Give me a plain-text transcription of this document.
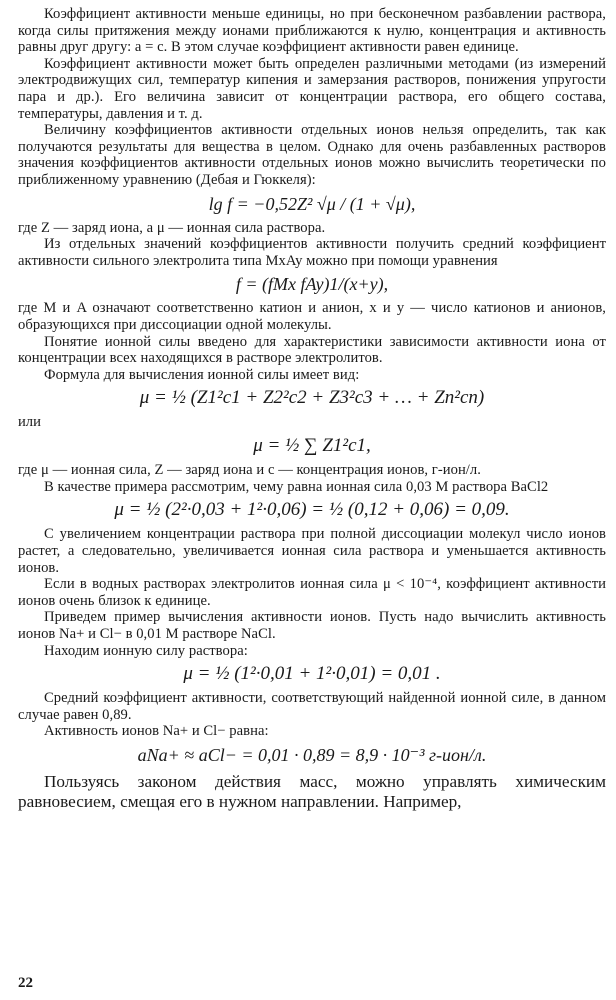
Коэффициент активности меньше единицы, но при бесконечном разбавлении раствора, когда силы притяжения между ионами приближаются к нулю, концентрация и активность равны друг другу: a = c. В этом случае коэффициент активности равен единице.

Коэффициент активности может быть определен различными методами (из измерений электродвижущих сил, температур кипения и замерзания растворов, понижения упругости пара и др.). Его величина зависит от концентрации раствора, его общего состава, температуры, давления и т. д.

Величину коэффициентов активности отдельных ионов нельзя определить, так как получаются результаты для вещества в целом. Однако для очень разбавленных растворов значения коэффициентов активности отдельных ионов можно вычислить теоретически по приближенному уравнению (Дебая и Гюккеля):

lg f = −0,52Z² √μ / (1 + √μ),

где Z — заряд иона, а μ — ионная сила раствора.

Из отдельных значений коэффициентов активности получить средний коэффициент активности сильного электролита типа MxAy можно при помощи уравнения

f = (fMx fAy)1/(x+y),

где M и A означают соответственно катион и анион, x и y — число катионов и анионов, образующихся при диссоциации одной молекулы.

Понятие ионной силы введено для характеристики зависимости активности иона от концентрации всех находящихся в растворе электролитов.

Формула для вычисления ионной силы имеет вид:

μ = ½ (Z1²c1 + Z2²c2 + Z3²c3 + … + Zn²cn)
или
μ = ½ ∑ Z1²c1,

где μ — ионная сила, Z — заряд иона и c — концентрация ионов, г-ион/л.

В качестве примера рассмотрим, чему равна ионная сила 0,03 M раствора BaCl2

μ = ½ (2²·0,03 + 1²·0,06) = ½ (0,12 + 0,06) = 0,09.

С увеличением концентрации раствора при полной диссоциации молекул число ионов растет, а следовательно, увеличивается ионная сила раствора и уменьшается активность ионов.

Если в водных растворах электролитов ионная сила μ < 10⁻⁴, коэффициент активности ионов очень близок к единице.

Приведем пример вычисления активности ионов. Пусть надо вычислить активность ионов Na+ и Cl− в 0,01 M растворе NaCl.

Находим ионную силу раствора:

μ = ½ (1²·0,01 + 1²·0,01) = 0,01 .

Средний коэффициент активности, соответствующий найденной ионной силе, в данном случае равен 0,89.

Активность ионов Na+ и Cl− равна:

aNa+ ≈ aCl− = 0,01 · 0,89 = 8,9 · 10⁻³ г-ион/л.

Пользуясь законом действия масс, можно управлять химическим равновесием, смещая его в нужном направлении. Например,

22
